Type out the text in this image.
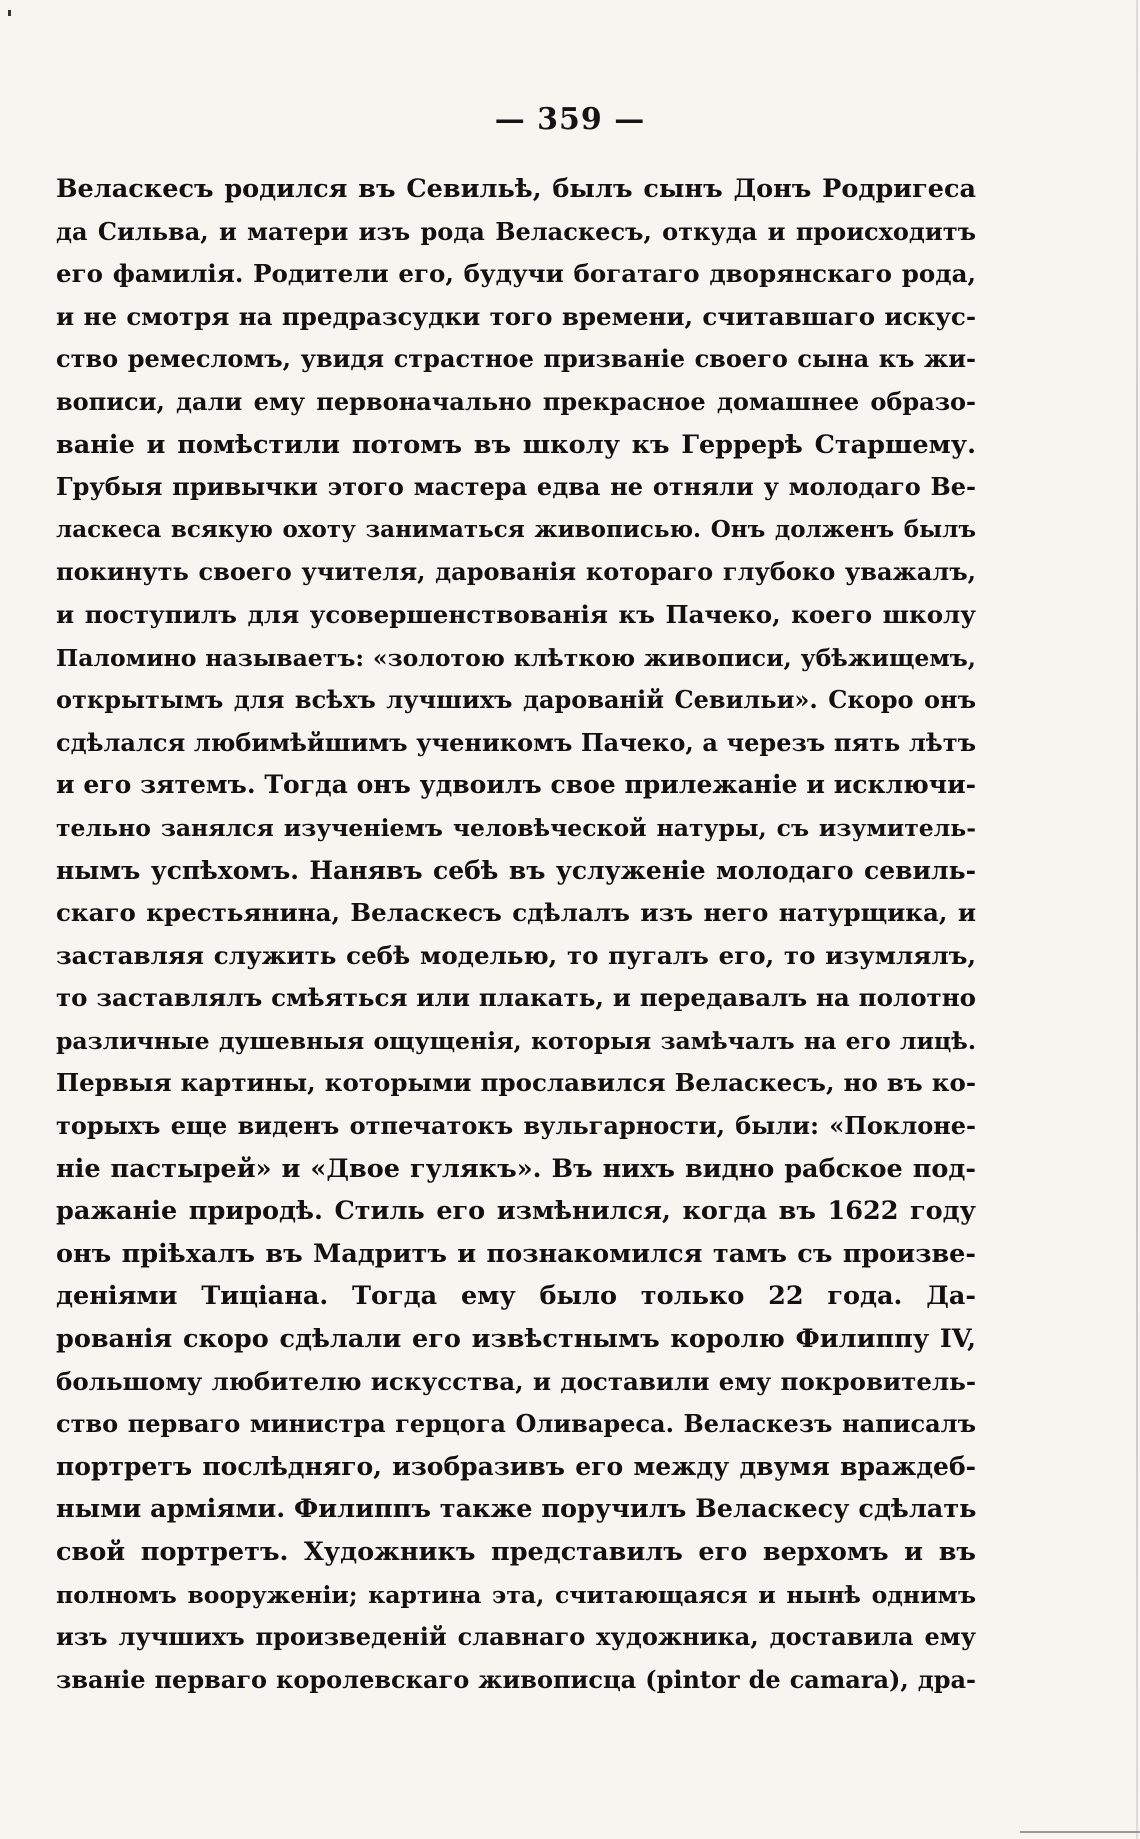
— 359 —
Веласкесъ родился въ Севильѣ, былъ сынъ Донъ Родригеса
да Сильва, и матери изъ рода Веласкесъ, откуда и происходитъ
его фамилія. Родители его, будучи богатаго дворянскаго рода,
и не смотря на предразсудки того времени, считавшаго искус-
ство ремесломъ, увидя страстное призваніе своего сына къ жи-
вописи, дали ему первоначально прекрасное домашнее образо-
ваніе и помѣстили потомъ въ школу къ Геррерѣ Старшему.
Грубыя привычки этого мастера едва не отняли у молодаго Ве-
ласкеса всякую охоту заниматься живописью. Онъ долженъ былъ
покинуть своего учителя, дарованія котораго глубоко уважалъ,
и поступилъ для усовершенствованія къ Пачеко, коего школу
Паломино называетъ: «золотою клѣткою живописи, убѣжищемъ,
открытымъ для всѣхъ лучшихъ дарованій Севильи». Скоро онъ
сдѣлался любимѣйшимъ ученикомъ Пачеко, а черезъ пять лѣтъ
и его зятемъ. Тогда онъ удвоилъ свое прилежаніе и исключи-
тельно занялся изученіемъ человѣческой натуры, съ изумитель-
нымъ успѣхомъ. Нанявъ себѣ въ услуженіе молодаго севиль-
скаго крестьянина, Веласкесъ сдѣлалъ изъ него натурщика, и
заставляя служить себѣ моделью, то пугалъ его, то изумлялъ,
то заставлялъ смѣяться или плакать, и передавалъ на полотно
различные душевныя ощущенія, которыя замѣчалъ на его лицѣ.
Первыя картины, которыми прославился Веласкесъ, но въ ко-
торыхъ еще виденъ отпечатокъ вульгарности, были: «Поклоне-
ніе пастырей» и «Двое гулякъ». Въ нихъ видно рабское под-
ражаніе природѣ. Стиль его измѣнился, когда въ 1622 году
онъ пріѣхалъ въ Мадритъ и познакомился тамъ съ произве-
деніями Тиціана. Тогда ему было только 22 года. Да-
рованія скоро сдѣлали его извѣстнымъ королю Филиппу IV,
большому любителю искусства, и доставили ему покровитель-
ство перваго министра герцога Оливареса. Веласкезъ написалъ
портретъ послѣдняго, изобразивъ его между двумя враждеб-
ными арміями. Филиппъ также поручилъ Веласкесу сдѣлать
свой портретъ. Художникъ представилъ его верхомъ и въ
полномъ вооруженіи; картина эта, считающаяся и нынѣ однимъ
изъ лучшихъ произведеній славнаго художника, доставила ему
званіе перваго королевскаго живописца (pintor de camara), дра-
